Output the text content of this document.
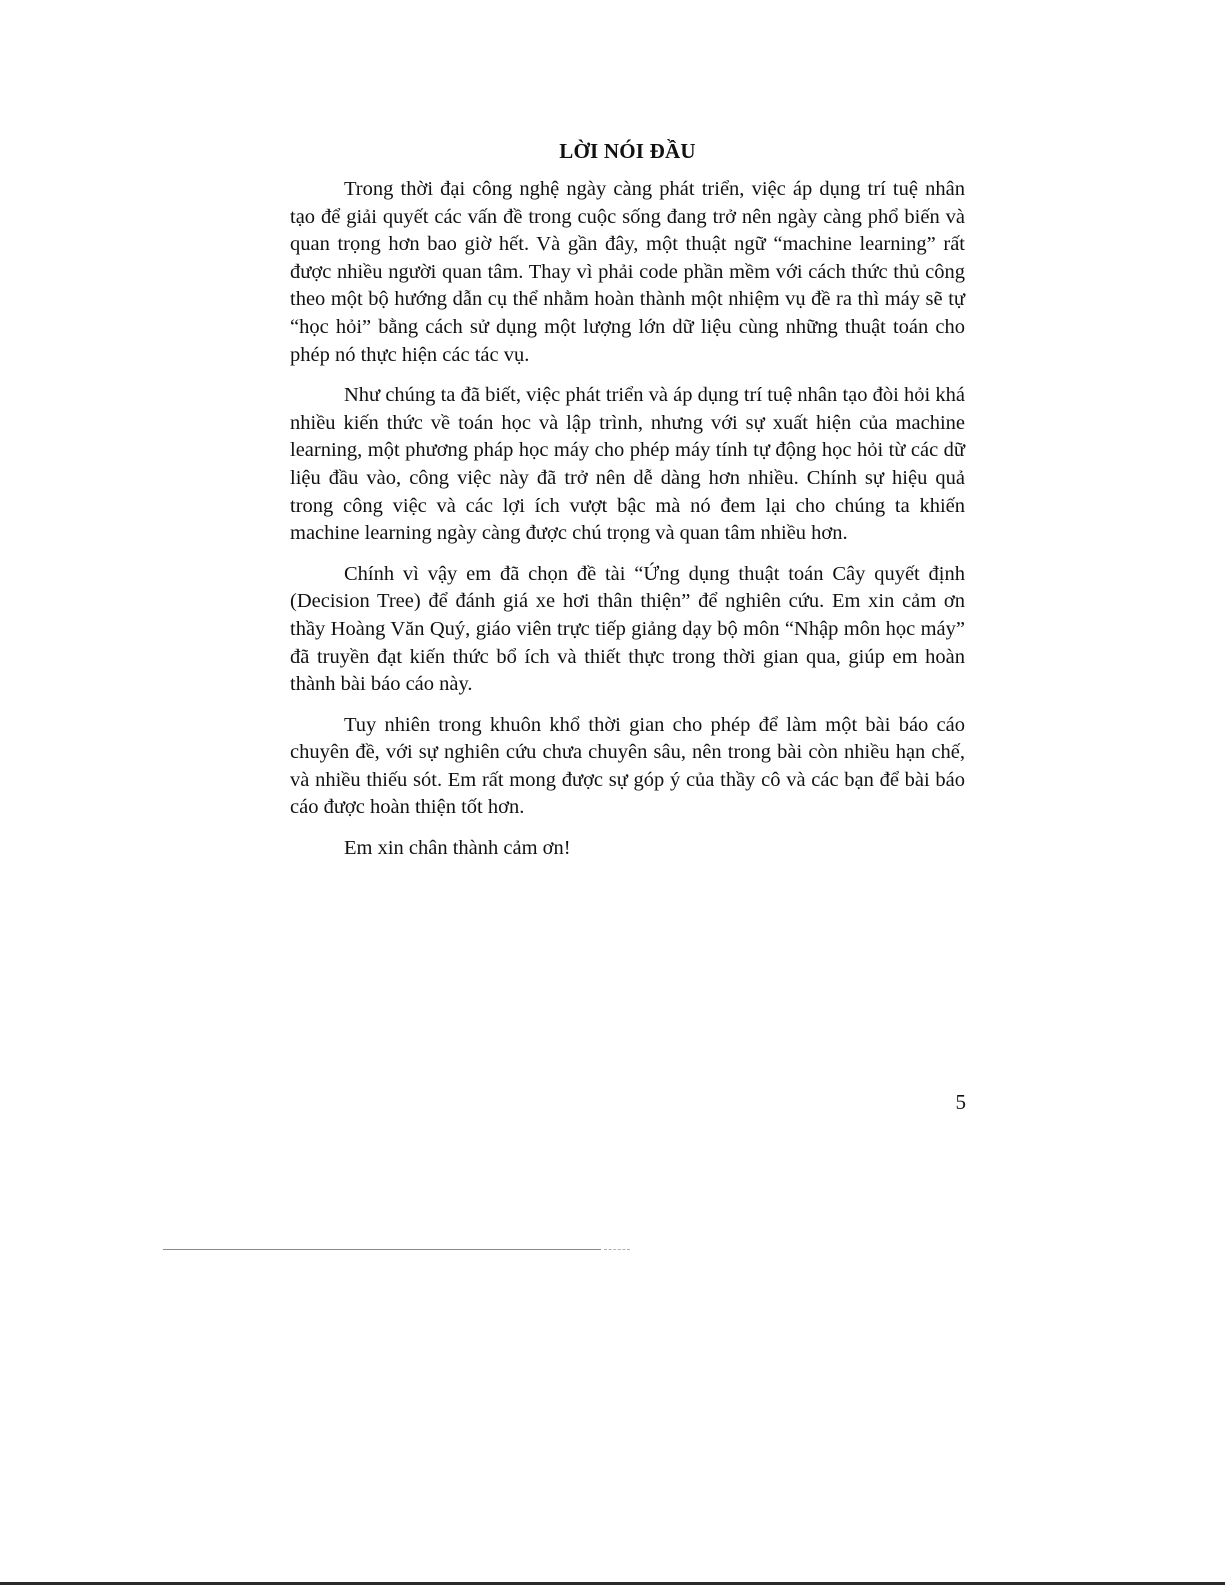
LỜI NÓI ĐẦU

Trong thời đại công nghệ ngày càng phát triển, việc áp dụng trí tuệ nhân tạo để giải quyết các vấn đề trong cuộc sống đang trở nên ngày càng phổ biến và quan trọng hơn bao giờ hết. Và gần đây, một thuật ngữ “machine learning” rất được nhiều người quan tâm. Thay vì phải code phần mềm với cách thức thủ công theo một bộ hướng dẫn cụ thể nhằm hoàn thành một nhiệm vụ đề ra thì máy sẽ tự “học hỏi” bằng cách sử dụng một lượng lớn dữ liệu cùng những thuật toán cho phép nó thực hiện các tác vụ.

Như chúng ta đã biết, việc phát triển và áp dụng trí tuệ nhân tạo đòi hỏi khá nhiều kiến thức về toán học và lập trình, nhưng với sự xuất hiện của machine learning, một phương pháp học máy cho phép máy tính tự động học hỏi từ các dữ liệu đầu vào, công việc này đã trở nên dễ dàng hơn nhiều. Chính sự hiệu quả trong công việc và các lợi ích vượt bậc mà nó đem lại cho chúng ta khiến machine learning ngày càng được chú trọng và quan tâm nhiều hơn.

Chính vì vậy em đã chọn đề tài “Ứng dụng thuật toán Cây quyết định (Decision Tree) để đánh giá xe hơi thân thiện” để nghiên cứu. Em xin cảm ơn thầy Hoàng Văn Quý, giáo viên trực tiếp giảng dạy bộ môn “Nhập môn học máy” đã truyền đạt kiến thức bổ ích và thiết thực trong thời gian qua, giúp em hoàn thành bài báo cáo này.

Tuy nhiên trong khuôn khổ thời gian cho phép để làm một bài báo cáo chuyên đề, với sự nghiên cứu chưa chuyên sâu, nên trong bài còn nhiều hạn chế, và nhiều thiếu sót. Em rất mong được sự góp ý của thầy cô và các bạn để bài báo cáo được hoàn thiện tốt hơn.

Em xin chân thành cảm ơn!

5
